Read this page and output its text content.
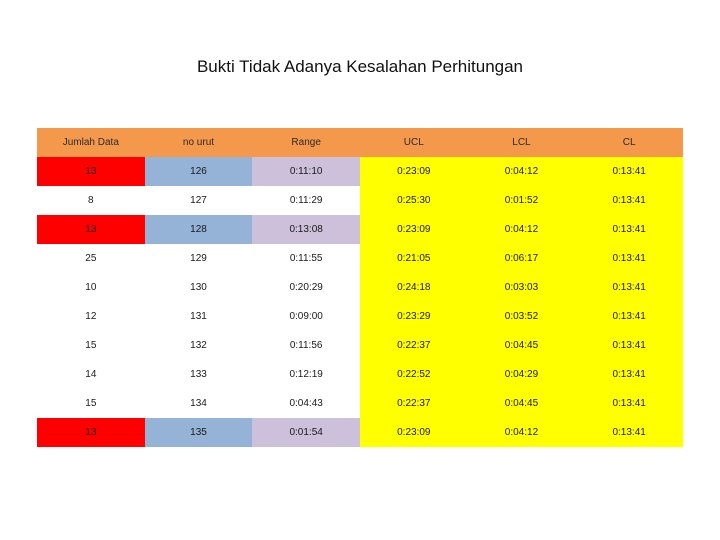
Bukti Tidak Adanya Kesalahan Perhitungan
Jumlah Data	no urut	Range	UCL	LCL	CL
13	126	0:11:10	0:23:09	0:04:12	0:13:41
8	127	0:11:29	0:25:30	0:01:52	0:13:41
13	128	0:13:08	0:23:09	0:04:12	0:13:41
25	129	0:11:55	0:21:05	0:06:17	0:13:41
10	130	0:20:29	0:24:18	0:03:03	0:13:41
12	131	0:09:00	0:23:29	0:03:52	0:13:41
15	132	0:11:56	0:22:37	0:04:45	0:13:41
14	133	0:12:19	0:22:52	0:04:29	0:13:41
15	134	0:04:43	0:22:37	0:04:45	0:13:41
13	135	0:01:54	0:23:09	0:04:12	0:13:41
